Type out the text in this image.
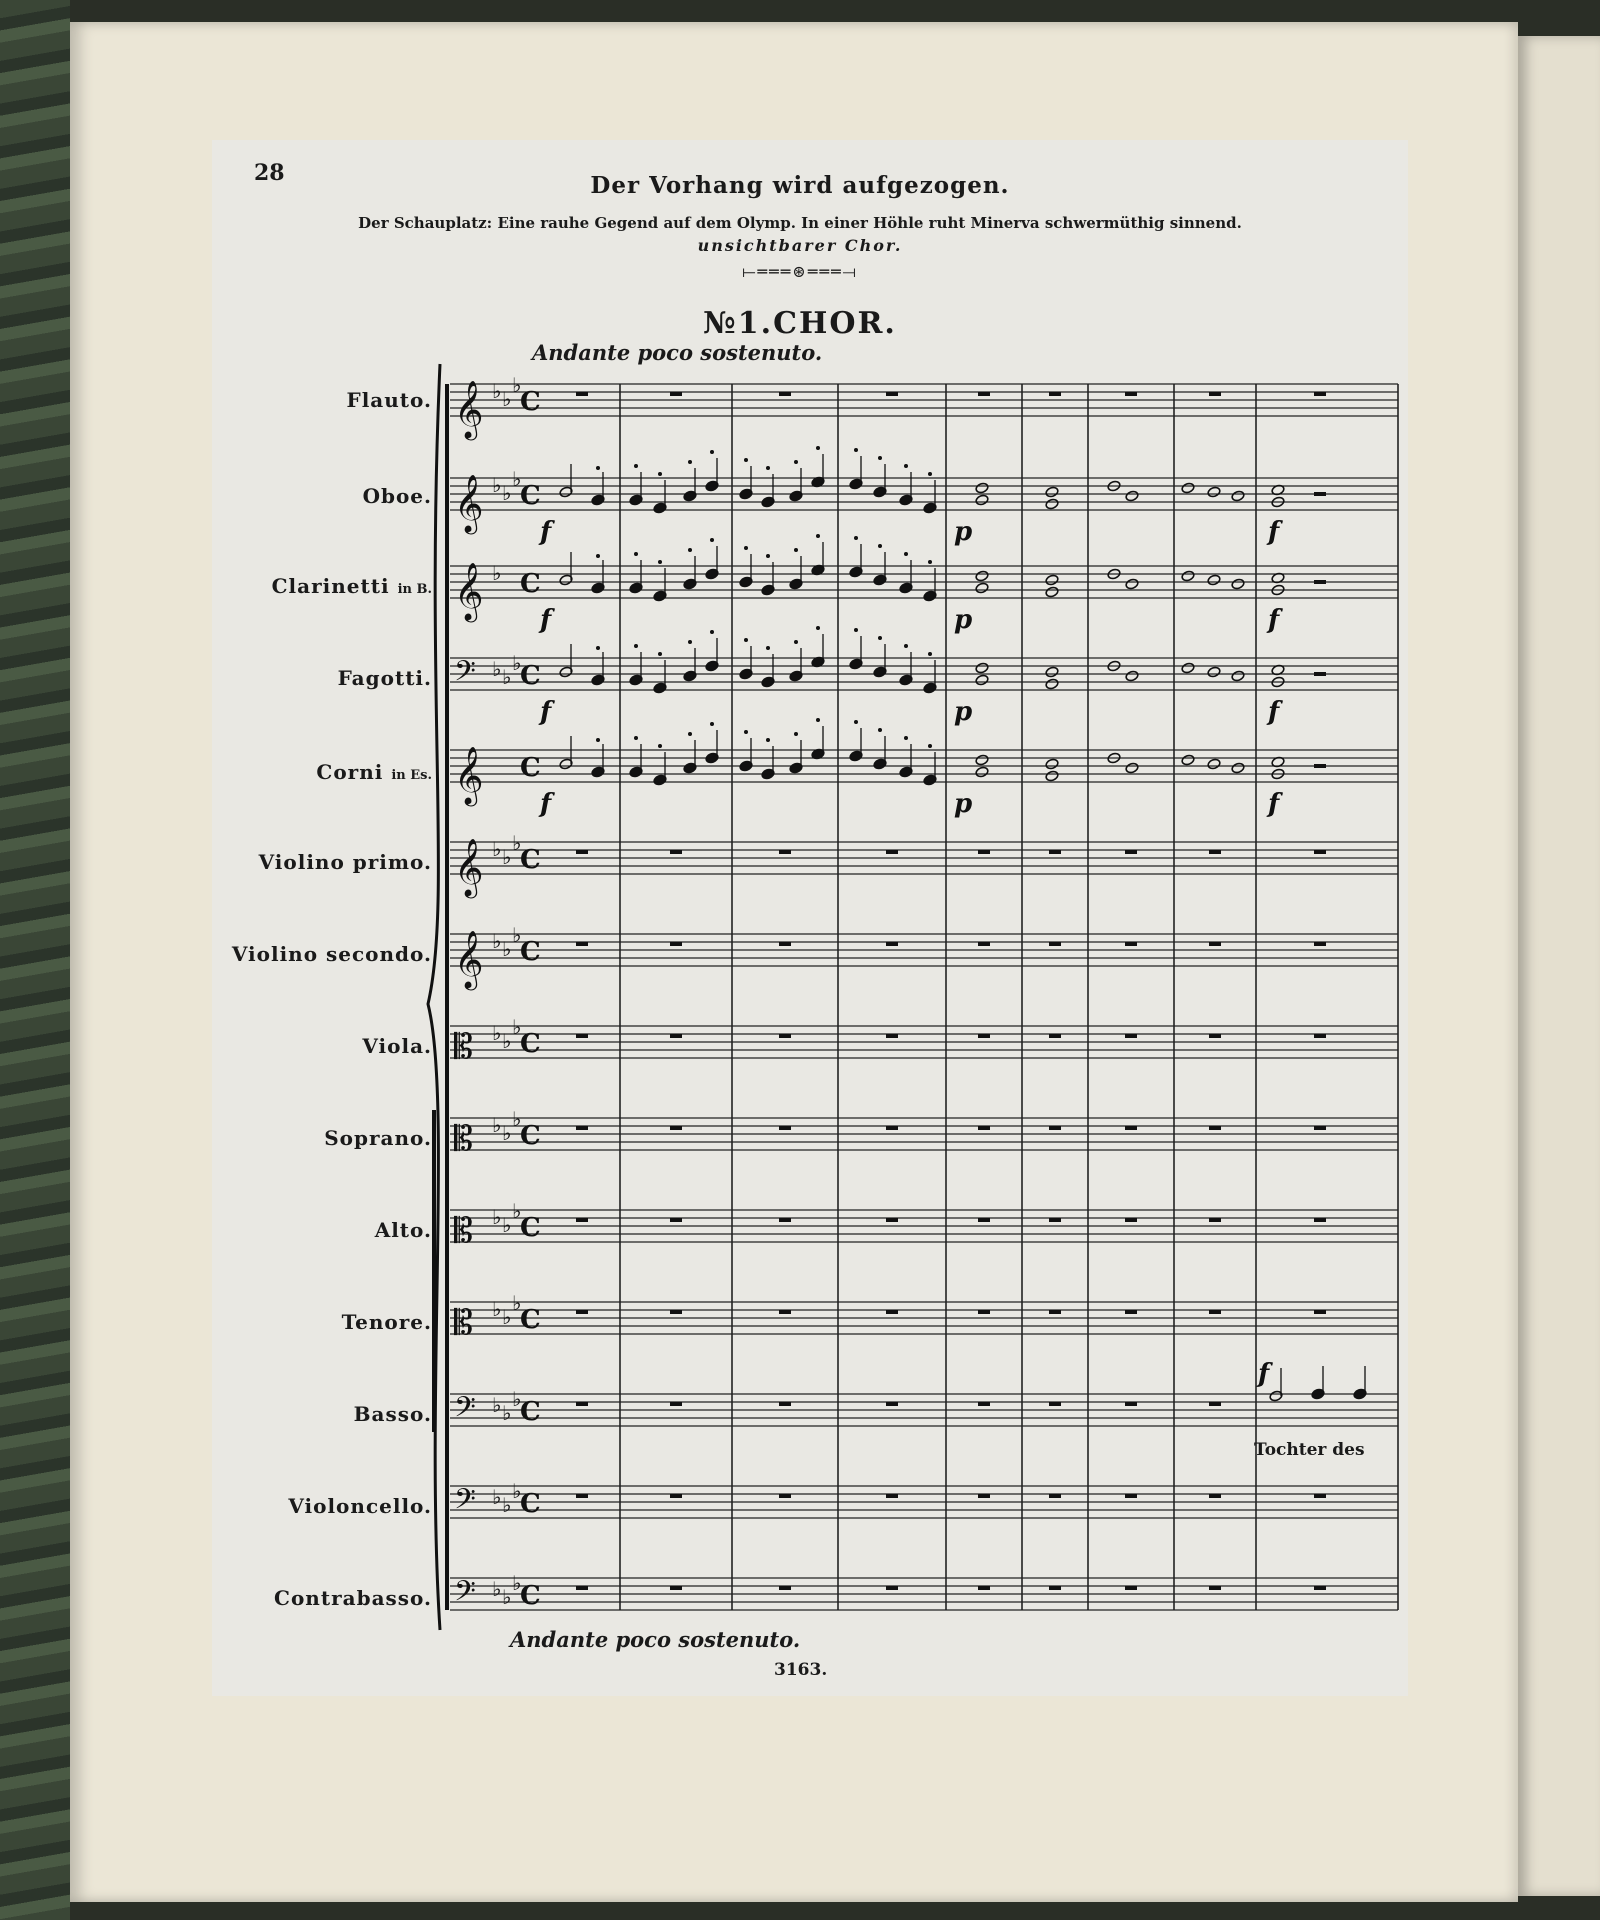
28	Der Vorhang wird aufgezogen.
Der Schauplatz: Eine rauhe Gegend auf dem Olymp. In einer Höhle ruht Minerva schwermüthig sinnend.
unsichtbarer Chor.
⟝═══⊛═══⟞
№1.CHOR.
Andante poco sostenuto.
Flauto.
Oboe.
Clarinetti in B.
Fagotti.
Corni in Es.
Violino primo.
Violino secondo.
Viola.
Soprano.
Alto.
Tenore.
Basso.
Violoncello.
Contrabasso.
𝄞 ♭ ♭
♭
C
𝄞 ♭ ♭
♭
C
𝄞 ♭ C
𝄢 ♭ ♭
♭
C
𝄞 C
𝄞 ♭ ♭
♭
C
𝄞 ♭ ♭
♭
C
𝄡 ♭ ♭
♭
C
𝄡 ♭ ♭
♭
C
𝄡 ♭ ♭
♭
C
𝄡 ♭ ♭
♭
C
𝄢 ♭ ♭
♭
C
𝄢 ♭ ♭
♭
C
𝄢 ♭ ♭
♭
C
f
f
f
f
p
p
p
p
f
f
f
f
f
Tochter des
Andante poco sostenuto.
3163.
